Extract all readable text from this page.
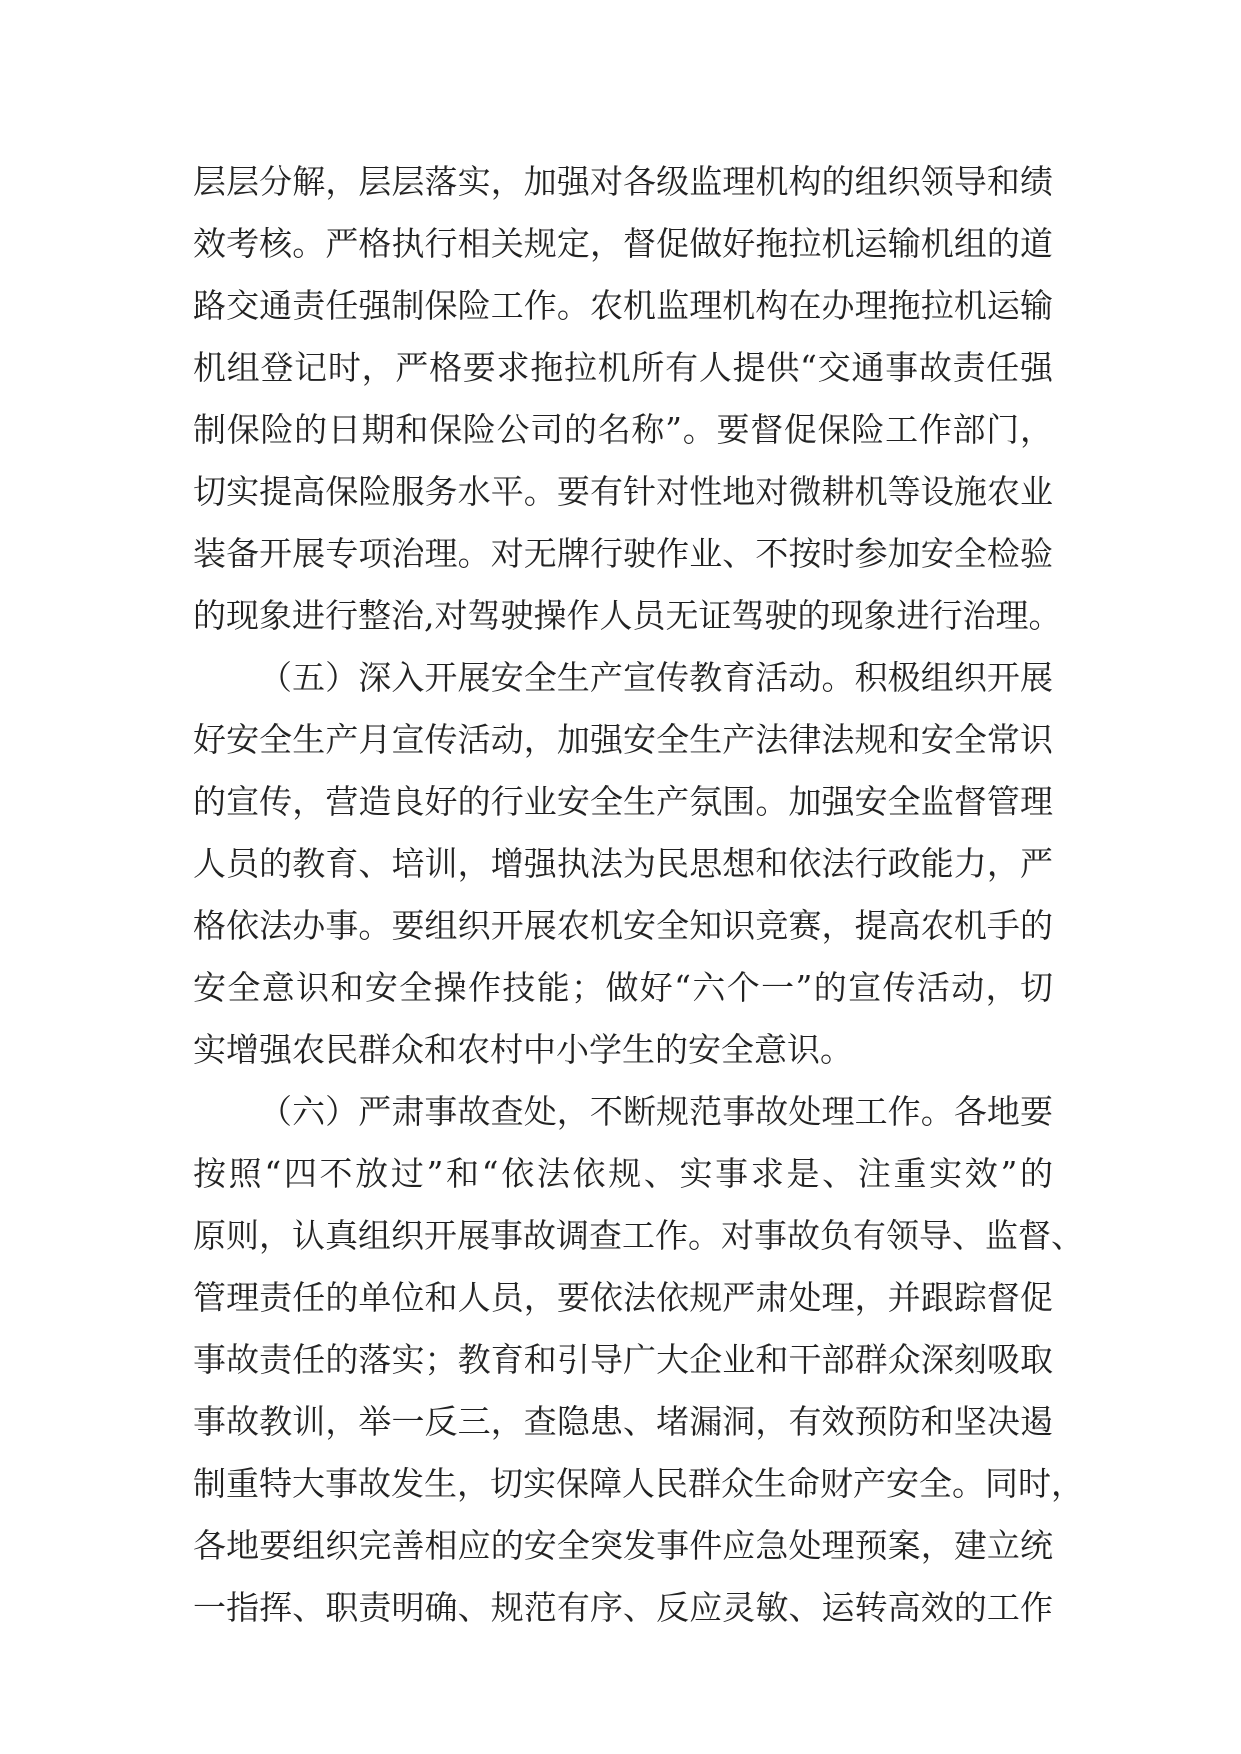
层层分解，层层落实，加强对各级监理机构的组织领导和绩
效考核。严格执行相关规定，督促做好拖拉机运输机组的道
路交通责任强制保险工作。农机监理机构在办理拖拉机运输
机组登记时，严格要求拖拉机所有人提供“交通事故责任强
制保险的日期和保险公司的名称”。要督促保险工作部门，
切实提高保险服务水平。要有针对性地对微耕机等设施农业
装备开展专项治理。对无牌行驶作业、不按时参加安全检验
的现象进行整治,对驾驶操作人员无证驾驶的现象进行治理。
（五）深入开展安全生产宣传教育活动。积极组织开展
好安全生产月宣传活动，加强安全生产法律法规和安全常识
的宣传，营造良好的行业安全生产氛围。加强安全监督管理
人员的教育、培训，增强执法为民思想和依法行政能力，严
格依法办事。要组织开展农机安全知识竞赛，提高农机手的
安全意识和安全操作技能；做好“六个一”的宣传活动，切
实增强农民群众和农村中小学生的安全意识。
（六）严肃事故查处，不断规范事故处理工作。各地要
按照“四不放过”和“依法依规、实事求是、注重实效”的
原则，认真组织开展事故调查工作。对事故负有领导、监督、
管理责任的单位和人员，要依法依规严肃处理，并跟踪督促
事故责任的落实；教育和引导广大企业和干部群众深刻吸取
事故教训，举一反三，查隐患、堵漏洞，有效预防和坚决遏
制重特大事故发生，切实保障人民群众生命财产安全。同时，
各地要组织完善相应的安全突发事件应急处理预案，建立统
一指挥、职责明确、规范有序、反应灵敏、运转高效的工作
